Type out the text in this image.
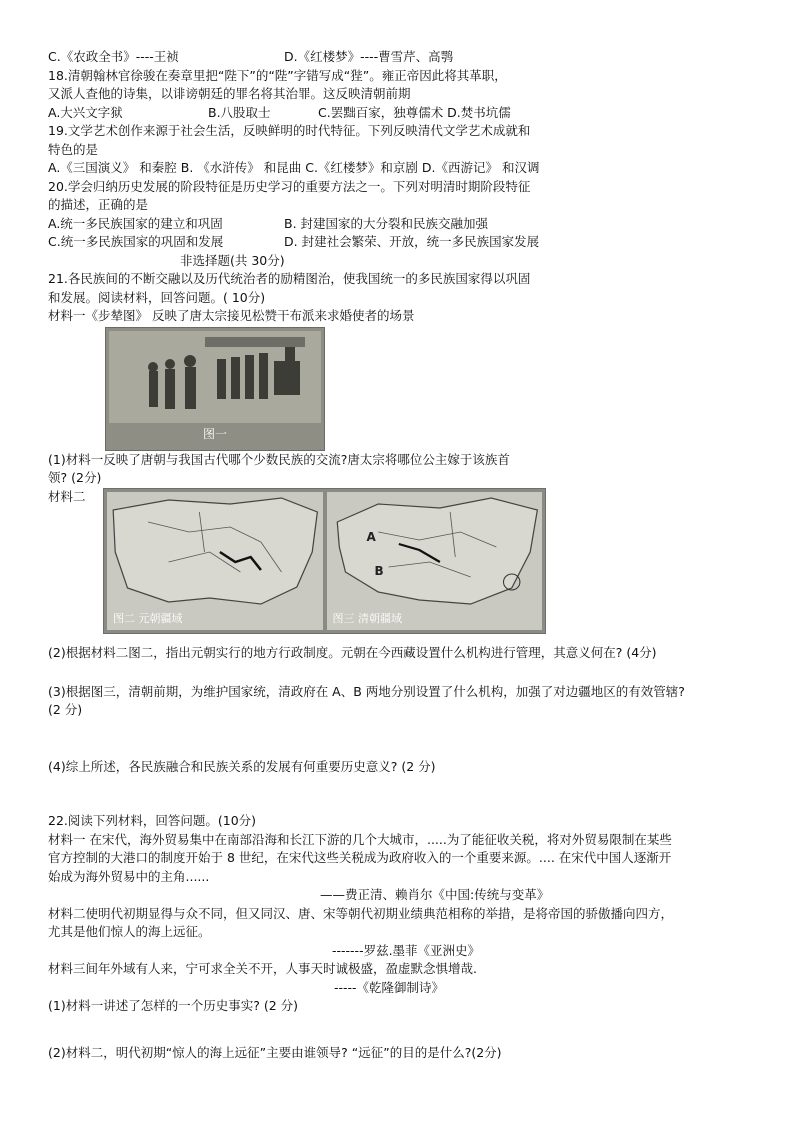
C.《农政全书》----王祯	D.《红楼梦》----曹雪芹、高鹗
18.清朝翰林官徐骏在奏章里把“陛下”的“陛”字错写成“狴”。雍正帝因此将其革职，
又派人查他的诗集，以诽谤朝廷的罪名将其治罪。这反映清朝前期
A.大兴文字狱	B.八股取士	C.罢黜百家，独尊儒术 D.焚书坑儒
19.文学艺术创作来源于社会生活，反映鲜明的时代特征。下列反映清代文学艺术成就和
特色的是
A.《三国演义》 和秦腔 B. 《水浒传》 和昆曲 C.《红楼梦》和京剧 D.《西游记》 和汉调
20.学会归纳历史发展的阶段特征是历史学习的重要方法之一。下列对明清时期阶段特征
的描述，正确的是
A.统一多民族国家的建立和巩固	B. 封建国家的大分裂和民族交融加强
C.统一多民族国家的巩固和发展	D. 封建社会繁荣、开放，统一多民族国家发展
非选择题(共 30分)
21.各民族间的不断交融以及历代统治者的励精图治，使我国统一的多民族国家得以巩固
和发展。阅读材料，回答问题。( 10分)
材料一《步辇图》 反映了唐太宗接见松赞干布派来求婚使者的场景
图一
(1)材料一反映了唐朝与我国古代哪个少数民族的交流?唐太宗将哪位公主嫁于该族首
领? (2分)
材料二
图二 元朝疆域
A
B
图三 清朝疆域
(2)根据材料二图二，指出元朝实行的地方行政制度。元朝在今西藏设置什么机构进行管理，其意义何在? (4分)
(3)根据图三，清朝前期，为维护国家统，清政府在 A、B 两地分别设置了什么机构，加强了对边疆地区的有效管辖?
(2 分)
(4)综上所述，各民族融合和民族关系的发展有何重要历史意义? (2 分)
22.阅读下列材料，回答问题。(10分)
材料一 在宋代，海外贸易集中在南部沿海和长江下游的几个大城市，.....为了能征收关税，将对外贸易限制在某些
官方控制的大港口的制度开始于 8 世纪，在宋代这些关税成为政府收入的一个重要来源。.... 在宋代中国人逐渐开
始成为海外贸易中的主角......
——费正清、赖肖尔《中国:传统与变革》
材料二使明代初期显得与众不同，但又同汉、唐、宋等朝代初期业绩典范相称的举措，是将帝国的骄傲播向四方，
尤其是他们惊人的海上远征。
-------罗兹.墨菲《亚洲史》
材料三间年外域有人来，宁可求全关不开，人事天时诚极盛，盈虚默念惧增哉.
-----《乾隆御制诗》
(1)材料一讲述了怎样的一个历史事实? (2 分)
(2)材料二，明代初期“惊人的海上远征”主要由谁领导? “远征”的目的是什么?(2分)
